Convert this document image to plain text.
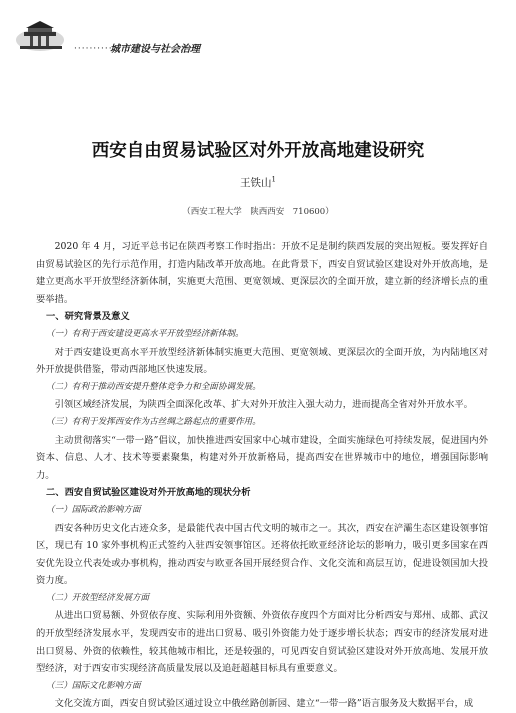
··········
城市建设与社会治理
西安自由贸易试验区对外开放高地建设研究
王铁山$^1$
（西安工程大学　陕西西安　710600）

2020 年 4 月，习近平总书记在陕西考察工作时指出：开放不足是制约陕西发展的突出短板。要发挥好自由贸易试验区的先行示范作用，打造内陆改革开放高地。在此背景下，西安自贸试验区建设对外开放高地，是建立更高水平开放型经济新体制，实施更大范围、更宽领域、更深层次的全面开放，建立新的经济增长点的重要举措。

一、研究背景及意义

（一）有利于西安建设更高水平开放型经济新体制。

对于西安建设更高水平开放型经济新体制实施更大范围、更宽领域、更深层次的全面开放，为内陆地区对外开放提供借鉴，带动西部地区快速发展。

（二）有利于推动西安提升整体竞争力和全面协调发展。

引领区域经济发展，为陕西全面深化改革、扩大对外开放注入强大动力，进而提高全省对外开放水平。

（三）有利于发挥西安作为古丝绸之路起点的重要作用。

主动贯彻落实“一带一路”倡议，加快推进西安国家中心城市建设，全面实施绿色可持续发展，促进国内外资本、信息、人才、技术等要素聚集，构建对外开放新格局，提高西安在世界城市中的地位，增强国际影响力。

二、西安自贸试验区建设对外开放高地的现状分析

（一）国际政治影响方面

西安各种历史文化古迹众多，是最能代表中国古代文明的城市之一。其次，西安在浐灞生态区建设领事馆区，现已有 10 家外事机构正式签约入驻西安领事馆区。还将依托欧亚经济论坛的影响力，吸引更多国家在西安优先设立代表处或办事机构，推动西安与欧亚各国开展经贸合作、文化交流和高层互访，促进设领国加大投资力度。

（二）开放型经济发展方面

从进出口贸易额、外贸依存度、实际利用外资额、外资依存度四个方面对比分析西安与郑州、成都、武汉的开放型经济发展水平，发现西安市的进出口贸易、吸引外资能力处于逐步增长状态；西安市的经济发展对进出口贸易、外资的依赖性，较其他城市相比，还是较强的，可见西安自贸试验区建设对外开放高地、发展开放型经济，对于西安市实现经济高质量发展以及追赶超越目标具有重要意义。

（三）国际文化影响方面

文化交流方面，西安自贸试验区通过设立中俄丝路创新园、建立“一带一路”语言服务及大数据平台，成
